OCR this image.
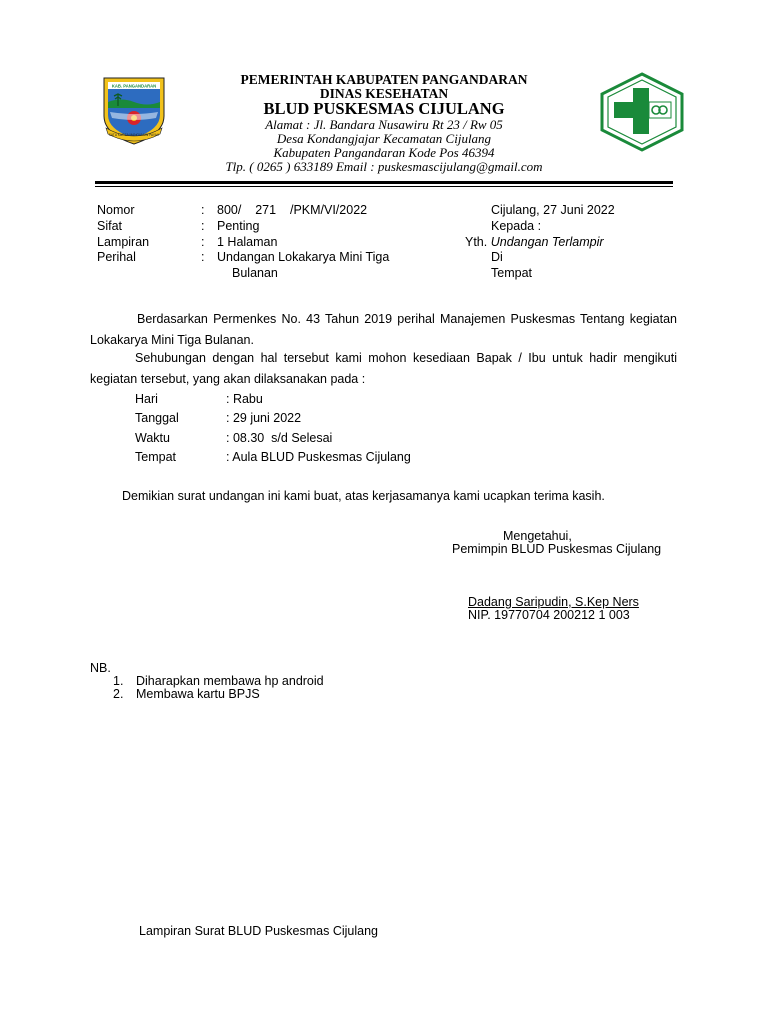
KAB. PANGANDARAN
SATU KARSA MANGUNUN PAYAH
PEMERINTAH KABUPATEN PANGANDARAN
DINAS KESEHATAN
BLUD PUSKESMAS CIJULANG
Alamat : Jl. Bandara Nusawiru Rt 23 / Rw 05
Desa Kondangjajar Kecamatan Cijulang
Kabupaten Pangandaran Kode Pos 46394
Tlp. ( 0265 ) 633189 Email : puskesmascijulang@gmail.com
Nomor	: 800/    271    /PKM/VI/2022
Sifat	: Penting
Lampiran	: 1 Halaman
Perihal	: Undangan Lokakarya Mini Tiga
Bulanan
Cijulang, 27 Juni 2022
Kepada :
Yth. Undangan Terlampir
Di
Tempat
Berdasarkan Permenkes No. 43 Tahun 2019 perihal Manajemen Puskesmas Tentang kegiatan Lokakarya Mini Tiga Bulanan.
Sehubungan dengan hal tersebut kami mohon kesediaan Bapak / Ibu untuk hadir mengikuti kegiatan tersebut, yang akan dilaksanakan pada :
Hari	: Rabu
Tanggal	: 29 juni 2022
Waktu	: 08.30  s/d Selesai
Tempat	: Aula BLUD Puskesmas Cijulang
Demikian surat undangan ini kami buat, atas kerjasamanya kami ucapkan terima kasih.
Mengetahui,
Pemimpin BLUD Puskesmas Cijulang
Dadang Saripudin, S.Kep Ners
NIP. 19770704 200212 1 003
NB.
1. Diharapkan membawa hp android
2. Membawa kartu BPJS
Lampiran Surat BLUD Puskesmas Cijulang
